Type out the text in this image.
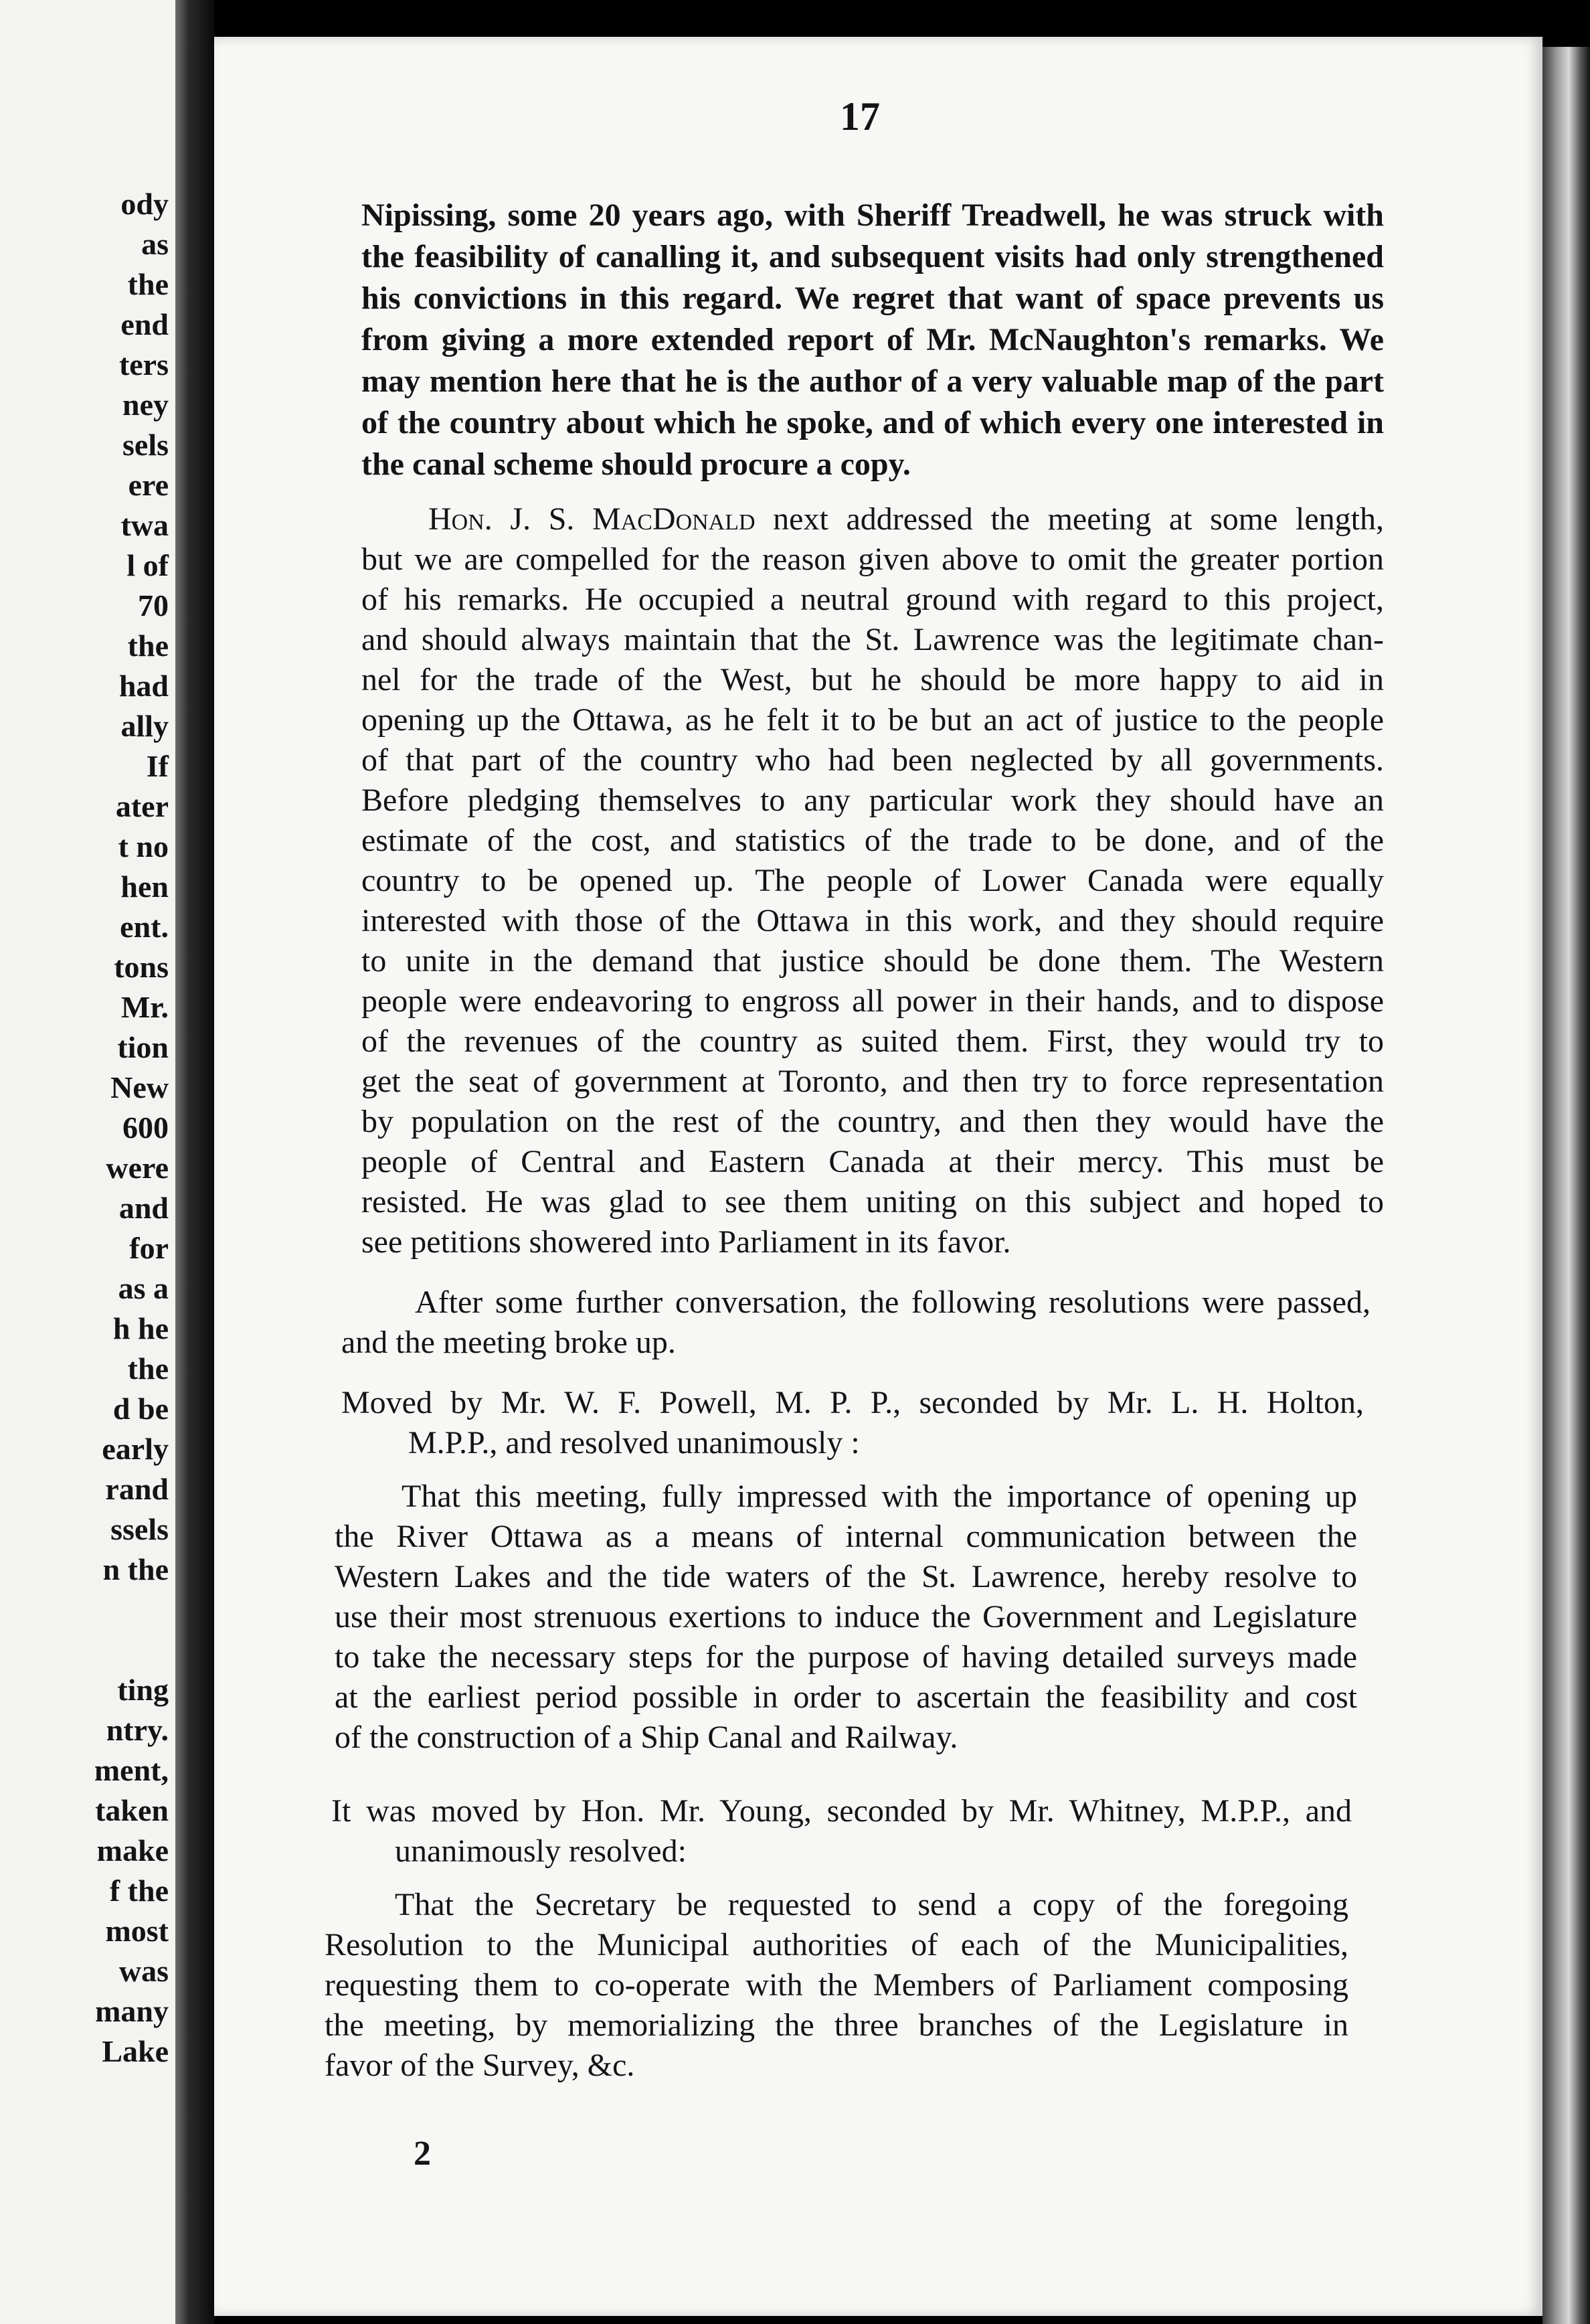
ody
as
the
end
ters
ney
sels
ere
twa
l of
70
the
had
ally
If
ater
t no
hen
ent.
tons
Mr.
tion
New
600
were
and
for
as a
h he
the
d be
early
rand
ssels
n the
ting
ntry.
ment,
taken
make
f the
most
was
many
Lake
17
Nipissing, some 20 years ago, with Sheriff Treadwell, he was struck with
the feasibility of canalling it, and subsequent visits had only strengthened
his convictions in this regard. We regret that want of space prevents us
from giving a more extended report of Mr. McNaughton's remarks. We
may mention here that he is the author of a very valuable map of the part
of the country about which he spoke, and of which every one interested in
the canal scheme should procure a copy.
Hon. J. S. MacDonald next addressed the meeting at some length,
but we are compelled for the reason given above to omit the greater portion
of his remarks. He occupied a neutral ground with regard to this project,
and should always maintain that the St. Lawrence was the legitimate chan-
nel for the trade of the West, but he should be more happy to aid in
opening up the Ottawa, as he felt it to be but an act of justice to the people
of that part of the country who had been neglected by all governments.
Before pledging themselves to any particular work they should have an
estimate of the cost, and statistics of the trade to be done, and of the
country to be opened up. The people of Lower Canada were equally
interested with those of the Ottawa in this work, and they should require
to unite in the demand that justice should be done them. The Western
people were endeavoring to engross all power in their hands, and to dispose
of the revenues of the country as suited them. First, they would try to
get the seat of government at Toronto, and then try to force representation
by population on the rest of the country, and then they would have the
people of Central and Eastern Canada at their mercy. This must be
resisted. He was glad to see them uniting on this subject and hoped to
see petitions showered into Parliament in its favor.
After some further conversation, the following resolutions were passed,
and the meeting broke up.
Moved by Mr. W. F. Powell, M. P. P., seconded by Mr. L. H. Holton,
M.P.P., and resolved unanimously :
That this meeting, fully impressed with the importance of opening up
the River Ottawa as a means of internal communication between the
Western Lakes and the tide waters of the St. Lawrence, hereby resolve to
use their most strenuous exertions to induce the Government and Legislature
to take the necessary steps for the purpose of having detailed surveys made
at the earliest period possible in order to ascertain the feasibility and cost
of the construction of a Ship Canal and Railway.
It was moved by Hon. Mr. Young, seconded by Mr. Whitney, M.P.P., and
unanimously resolved:
That the Secretary be requested to send a copy of the foregoing
Resolution to the Municipal authorities of each of the Municipalities,
requesting them to co-operate with the Members of Parliament composing
the meeting, by memorializing the three branches of the Legislature in
favor of the Survey, &c.
2
